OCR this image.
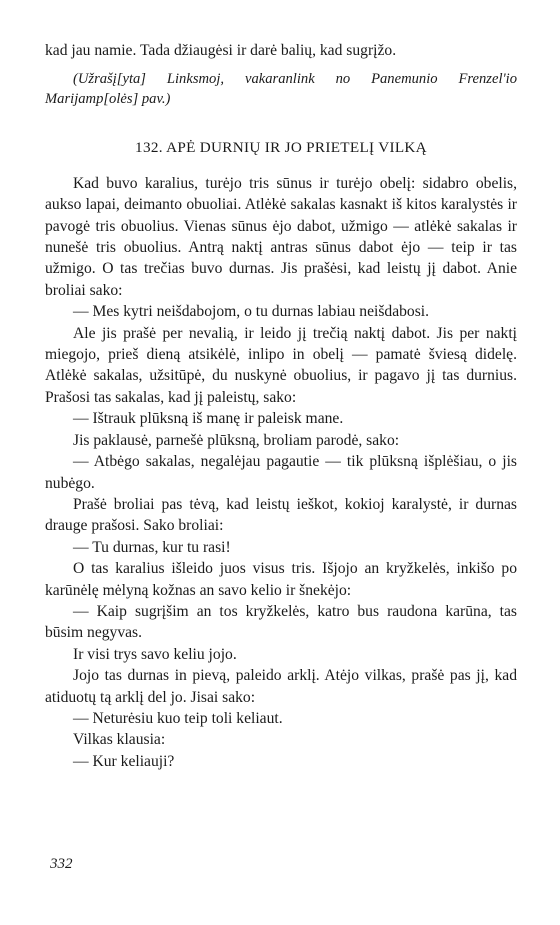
kad jau namie. Tada džiaugėsi ir darė balių, kad sugrįžo.

(Užrašį[yta] Linksmoj, vakaranlink no Panemunio Frenzel'io Marijamp[olės] pav.)

132. APĖ DURNIŲ IR JO PRIETELĮ VILKĄ

Kad buvo karalius, turėjo tris sūnus ir turėjo obelį: sidabro obelis, aukso lapai, deimanto obuoliai. Atlėkė sakalas kasnakt iš kitos karalystės ir pavogė tris obuolius. Vienas sūnus ėjo dabot, užmigo — atlėkė sakalas ir nunešė tris obuolius. Antrą naktį antras sūnus dabot ėjo — teip ir tas užmigo. O tas trečias buvo durnas. Jis prašėsi, kad leistų jį dabot. Anie broliai sako:

— Mes kytri neišdabojom, o tu durnas labiau neišdabosi.

Ale jis prašė per nevalią, ir leido jį trečią naktį dabot. Jis per naktį miegojo, prieš dieną atsikėlė, inlipo in obelį — pamatė šviesą didelę. Atlėkė sakalas, užsitūpė, du nuskynė obuolius, ir pagavo jį tas durnius. Prašosi tas sakalas, kad jį paleistų, sako:

— Ištrauk plūksną iš manę ir paleisk mane.

Jis paklausė, parnešė plūksną, broliam parodė, sako:

— Atbėgo sakalas, negalėjau pagautie — tik plūksną išplėšiau, o jis nubėgo.

Prašė broliai pas tėvą, kad leistų ieškot, kokioj karalystė, ir durnas drauge prašosi. Sako broliai:

— Tu durnas, kur tu rasi!

O tas karalius išleido juos visus tris. Išjojo an kryžkelės, inkišo po karūnėlę mėlyną kožnas an savo kelio ir šnekėjo:

— Kaip sugrįšim an tos kryžkelės, katro bus raudona karūna, tas būsim negyvas.

Ir visi trys savo keliu jojo.

Jojo tas durnas in pievą, paleido arklį. Atėjo vilkas, prašė pas jį, kad atiduotų tą arklį del jo. Jisai sako:

— Neturėsiu kuo teip toli keliaut.

Vilkas klausia:

— Kur keliauji?

332
